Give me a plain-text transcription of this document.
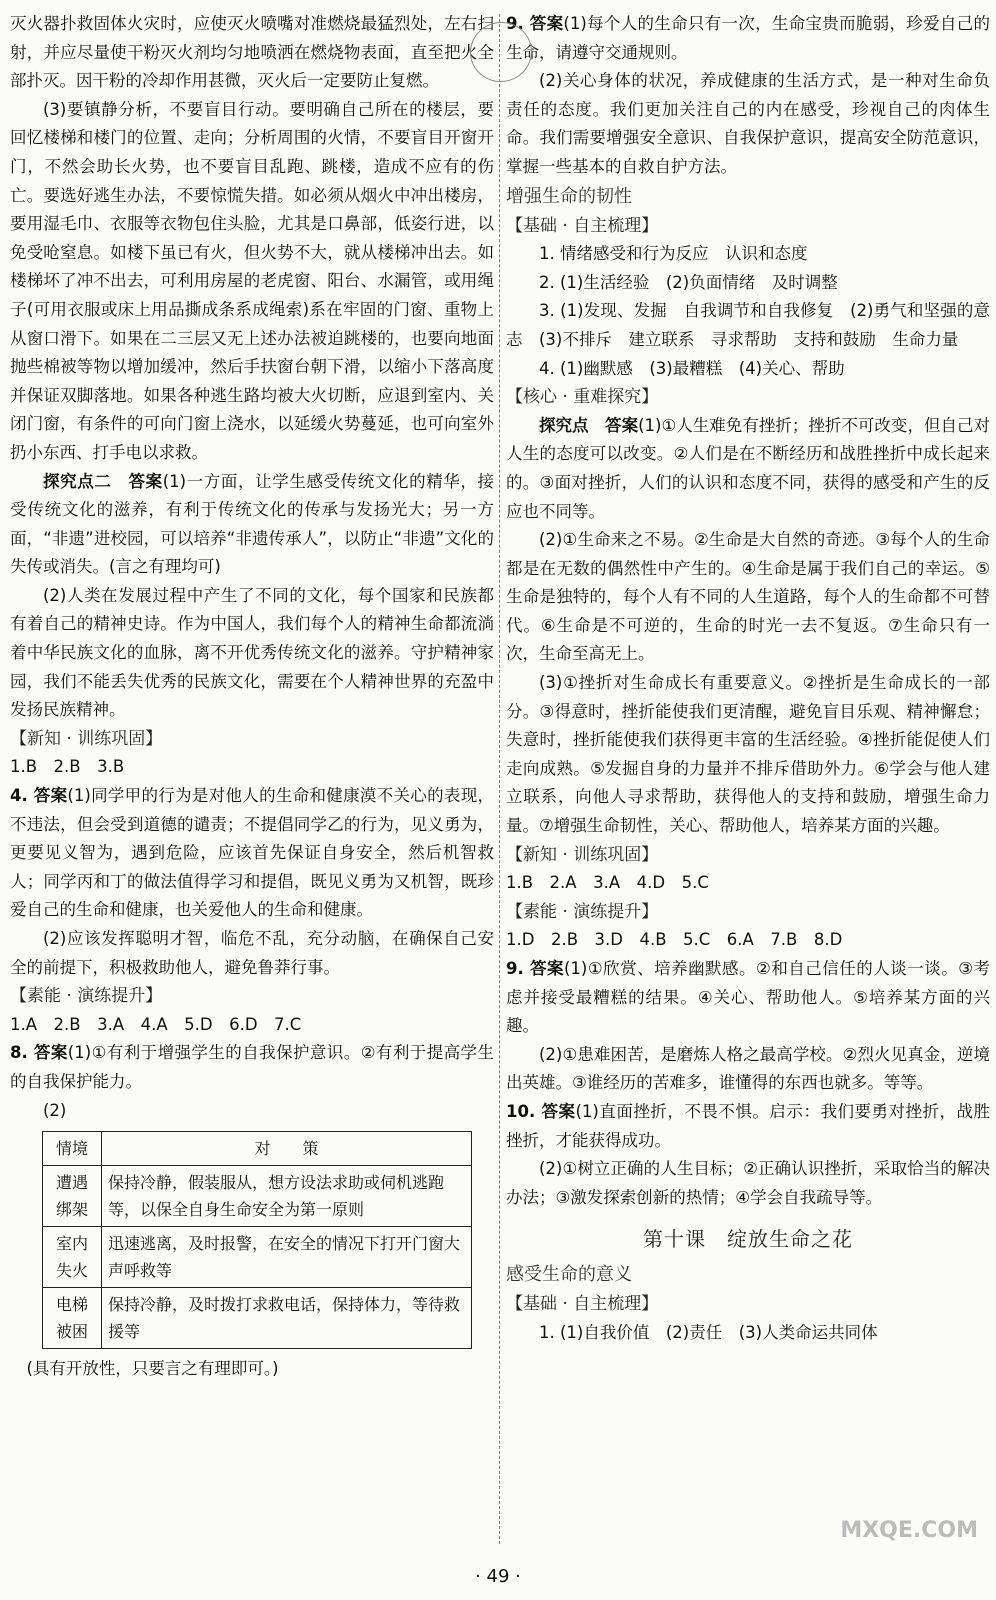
灭火器扑救固体火灾时，应使灭火喷嘴对准燃烧最猛烈处，左右扫射，并应尽量使干粉灭火剂均匀地喷洒在燃烧物表面，直至把火全部扑灭。因干粉的冷却作用甚微，灭火后一定要防止复燃。

(3)要镇静分析，不要盲目行动。要明确自己所在的楼层，要回忆楼梯和楼门的位置、走向；分析周围的火情，不要盲目开窗开门，不然会助长火势，也不要盲目乱跑、跳楼，造成不应有的伤亡。要选好逃生办法，不要惊慌失措。如必须从烟火中冲出楼房，要用湿毛巾、衣服等衣物包住头脸，尤其是口鼻部，低姿行进，以免受呛窒息。如楼下虽已有火，但火势不大，就从楼梯冲出去。如楼梯坏了冲不出去，可利用房屋的老虎窗、阳台、水漏管，或用绳子(可用衣服或床上用品撕成条系成绳索)系在牢固的门窗、重物上从窗口滑下。如果在二三层又无上述办法被迫跳楼的，也要向地面抛些棉被等物以增加缓冲，然后手扶窗台朝下滑，以缩小下落高度并保证双脚落地。如果各种逃生路均被大火切断，应退到室内、关闭门窗，有条件的可向门窗上浇水，以延缓火势蔓延，也可向室外扔小东西、打手电以求救。

探究点二　答案(1)一方面，让学生感受传统文化的精华，接受传统文化的滋养，有利于传统文化的传承与发扬光大；另一方面，“非遗”进校园，可以培养“非遗传承人”，以防止“非遗”文化的失传或消失。(言之有理均可)

(2)人类在发展过程中产生了不同的文化，每个国家和民族都有着自己的精神史诗。作为中国人，我们每个人的精神生命都流淌着中华民族文化的血脉，离不开优秀传统文化的滋养。守护精神家园，我们不能丢失优秀的民族文化，需要在个人精神世界的充盈中发扬民族精神。

【新知 · 训练巩固】

1.B　2.B　3.B

4. 答案(1)同学甲的行为是对他人的生命和健康漠不关心的表现，不违法，但会受到道德的谴责；不提倡同学乙的行为，见义勇为，更要见义智为，遇到危险，应该首先保证自身安全，然后机智救人；同学丙和丁的做法值得学习和提倡，既见义勇为又机智，既珍爱自己的生命和健康，也关爱他人的生命和健康。

(2)应该发挥聪明才智，临危不乱，充分动脑，在确保自己安全的前提下，积极救助他人，避免鲁莽行事。

【素能 · 演练提升】

1.A　2.B　3.A　4.A　5.D　6.D　7.C

8. 答案(1)①有利于增强学生的自我保护意识。②有利于提高学生的自我保护能力。

(2)

情境	对　　策
遭遇绑架	保持冷静，假装服从，想方设法求助或伺机逃跑等，以保全自身生命安全为第一原则
室内失火	迅速逃离，及时报警，在安全的情况下打开门窗大声呼救等
电梯被困	保持冷静，及时拨打求救电话，保持体力，等待救援等

(具有开放性，只要言之有理即可。)

9. 答案(1)每个人的生命只有一次，生命宝贵而脆弱，珍爱自己的生命，请遵守交通规则。

(2)关心身体的状况，养成健康的生活方式，是一种对生命负责任的态度。我们更加关注自己的内在感受，珍视自己的肉体生命。我们需要增强安全意识、自我保护意识，提高安全防范意识，掌握一些基本的自救自护方法。

增强生命的韧性

【基础 · 自主梳理】

1. 情绪感受和行为反应　认识和态度

2. (1)生活经验　(2)负面情绪　及时调整

3. (1)发现、发掘　自我调节和自我修复　(2)勇气和坚强的意志　(3)不排斥　建立联系　寻求帮助　支持和鼓励　生命力量

4. (1)幽默感　(3)最糟糕　(4)关心、帮助

【核心 · 重难探究】

探究点　答案(1)①人生难免有挫折；挫折不可改变，但自己对人生的态度可以改变。②人们是在不断经历和战胜挫折中成长起来的。③面对挫折，人们的认识和态度不同，获得的感受和产生的反应也不同等。

(2)①生命来之不易。②生命是大自然的奇迹。③每个人的生命都是在无数的偶然性中产生的。④生命是属于我们自己的幸运。⑤生命是独特的，每个人有不同的人生道路，每个人的生命都不可替代。⑥生命是不可逆的，生命的时光一去不复返。⑦生命只有一次，生命至高无上。

(3)①挫折对生命成长有重要意义。②挫折是生命成长的一部分。③得意时，挫折能使我们更清醒，避免盲目乐观、精神懈怠；失意时，挫折能使我们获得更丰富的生活经验。④挫折能促使人们走向成熟。⑤发掘自身的力量并不排斥借助外力。⑥学会与他人建立联系，向他人寻求帮助，获得他人的支持和鼓励，增强生命力量。⑦增强生命韧性，关心、帮助他人，培养某方面的兴趣。

【新知 · 训练巩固】

1.B　2.A　3.A　4.D　5.C

【素能 · 演练提升】

1.D　2.B　3.D　4.B　5.C　6.A　7.B　8.D

9. 答案(1)①欣赏、培养幽默感。②和自己信任的人谈一谈。③考虑并接受最糟糕的结果。④关心、帮助他人。⑤培养某方面的兴趣。

(2)①患难困苦，是磨炼人格之最高学校。②烈火见真金，逆境出英雄。③谁经历的苦难多，谁懂得的东西也就多。等等。

10. 答案(1)直面挫折，不畏不惧。启示：我们要勇对挫折，战胜挫折，才能获得成功。

(2)①树立正确的人生目标；②正确认识挫折，采取恰当的解决办法；③激发探索创新的热情；④学会自我疏导等。

第十课　绽放生命之花

感受生命的意义

【基础 · 自主梳理】

1. (1)自我价值　(2)责任　(3)人类命运共同体

MXQE.COM
· 49 ·
